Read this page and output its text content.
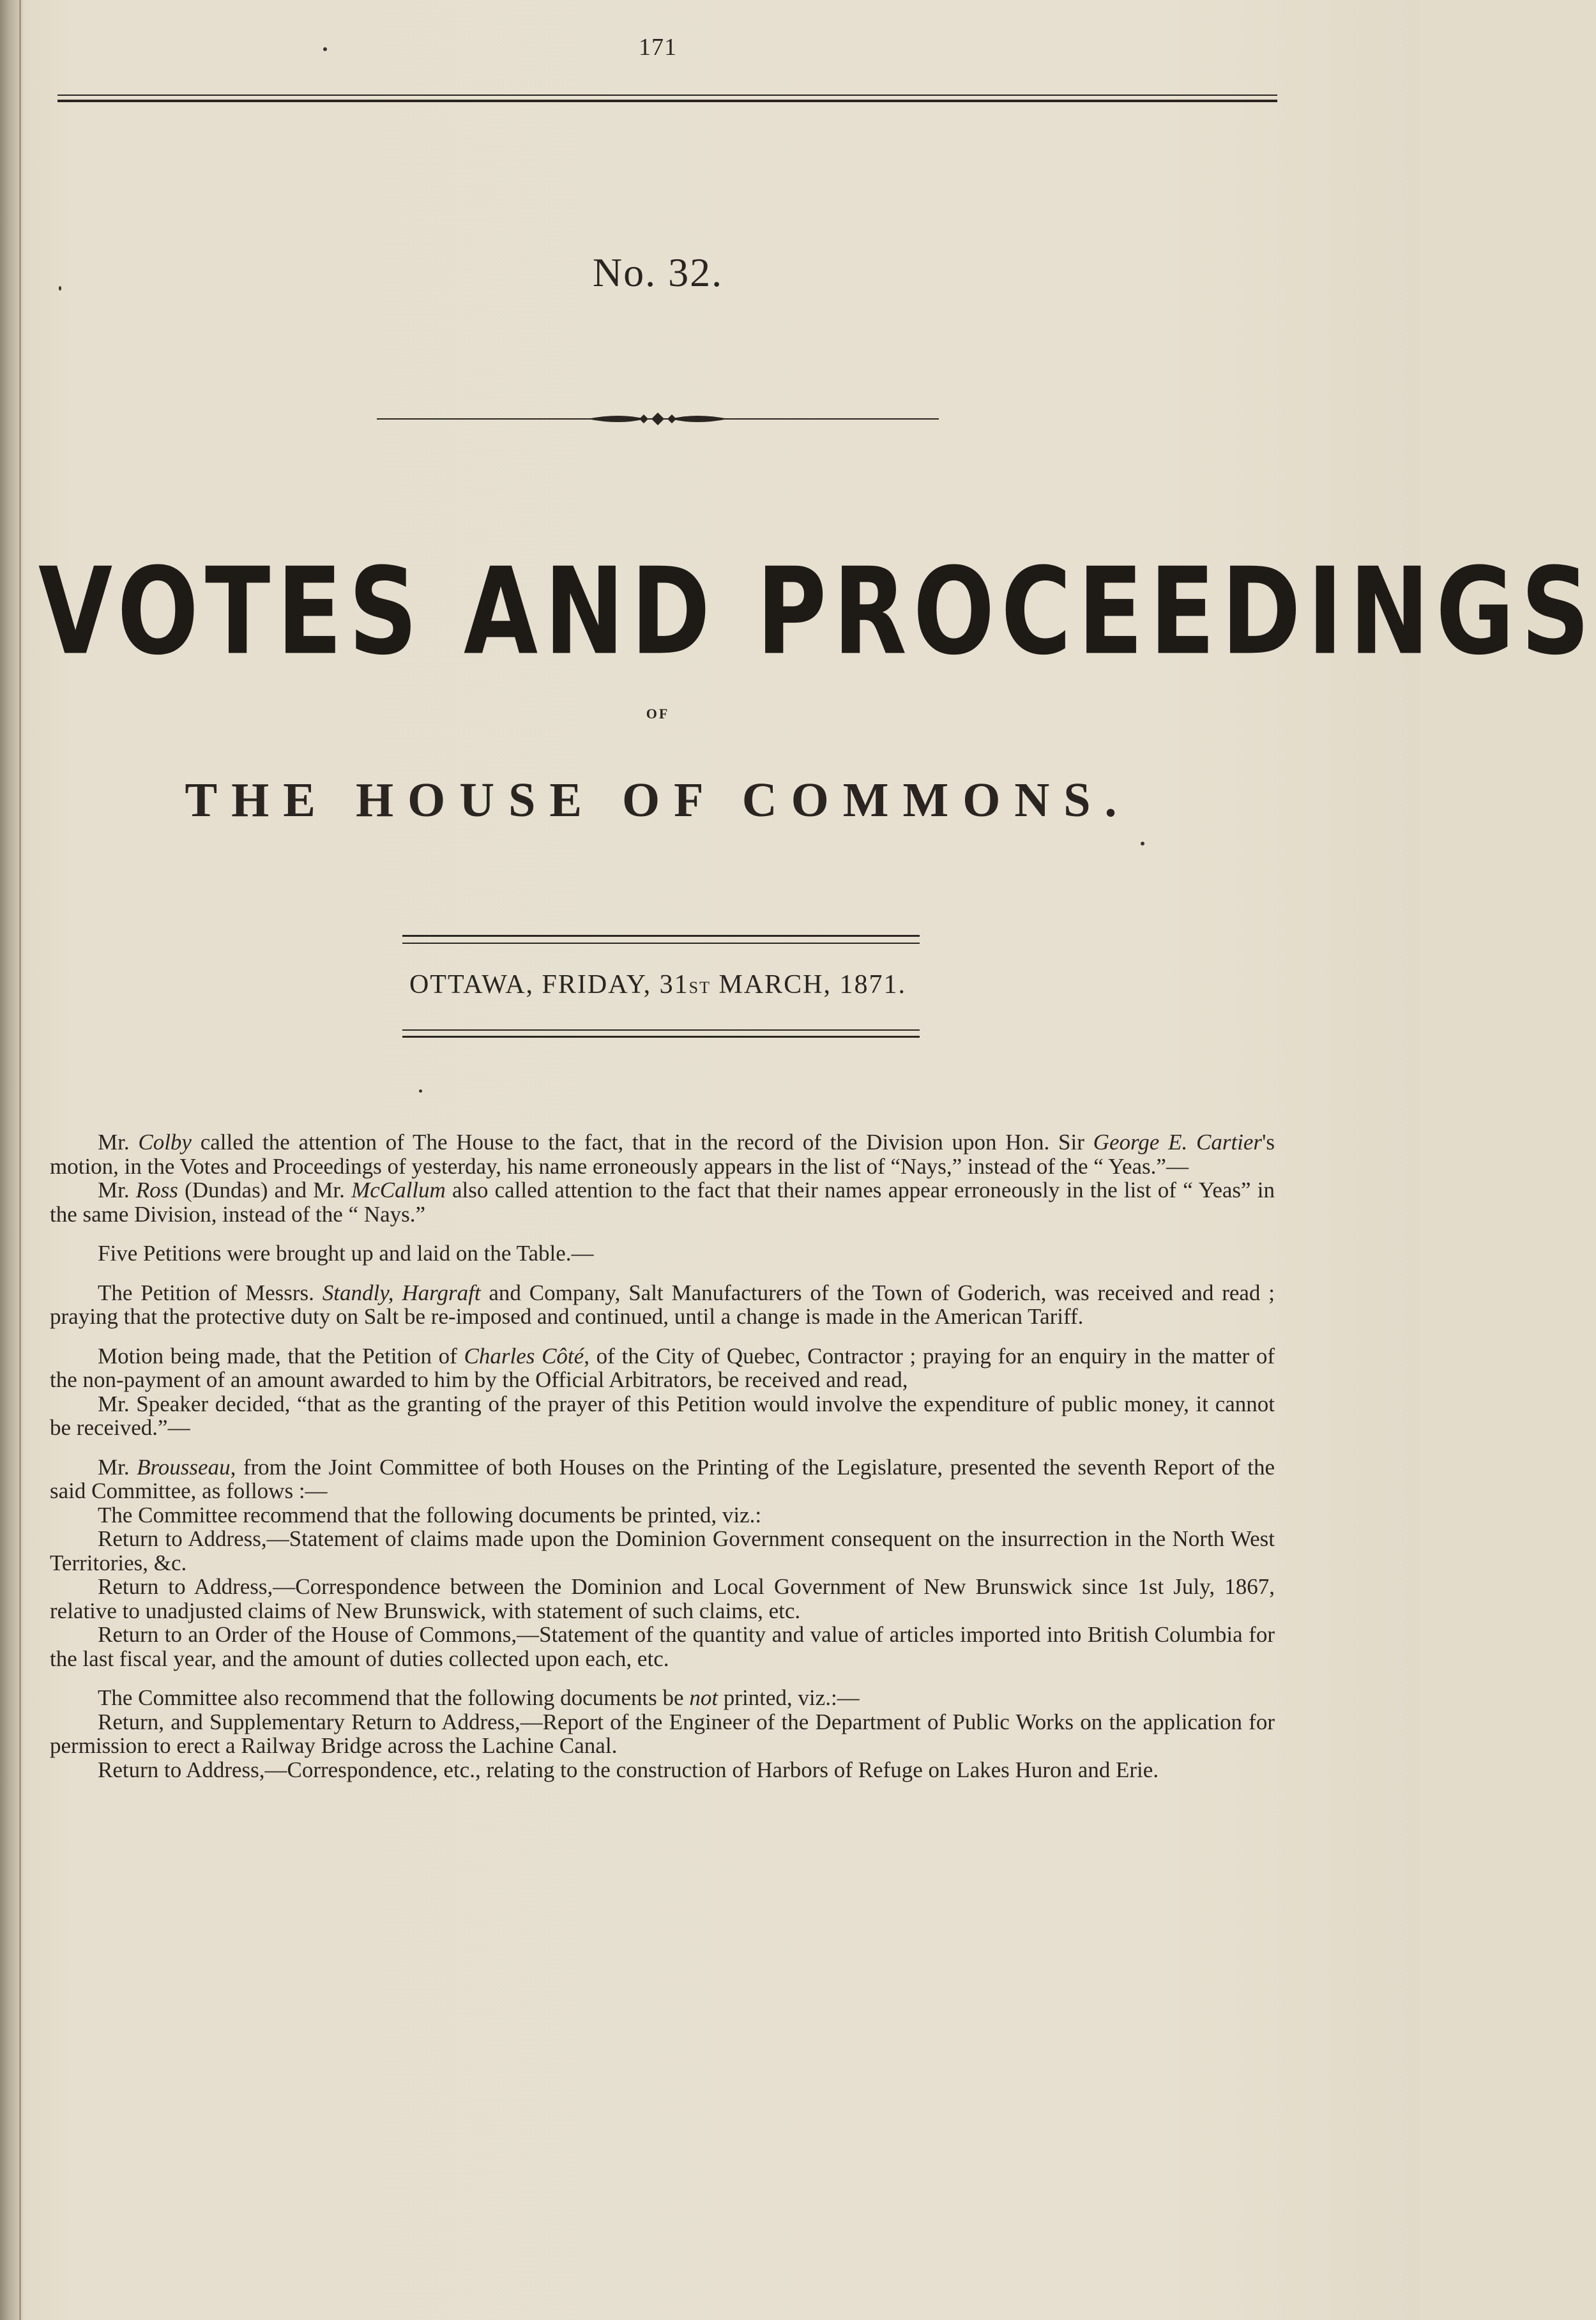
171
No. 32.
VOTES AND PROCEEDINGS
OF
THE HOUSE OF COMMONS.
OTTAWA, FRIDAY, 31ST MARCH, 1871.

Mr. Colby called the attention of The House to the fact, that in the record of the Division upon Hon. Sir George E. Cartier's motion, in the Votes and Proceedings of yesterday, his name erroneously appears in the list of “Nays,” instead of the “ Yeas.”—

Mr. Ross (Dundas) and Mr. McCallum also called attention to the fact that their names appear erroneously in the list of “ Yeas” in the same Division, instead of the “ Nays.”

Five Petitions were brought up and laid on the Table.—

The Petition of Messrs. Standly, Hargraft and Company, Salt Manufacturers of the Town of Goderich, was received and read ; praying that the protective duty on Salt be re-imposed and continued, until a change is made in the American Tariff.

Motion being made, that the Petition of Charles Côté, of the City of Quebec, Contractor ; praying for an enquiry in the matter of the non-payment of an amount awarded to him by the Official Arbitrators, be received and read,

Mr. Speaker decided, “that as the granting of the prayer of this Petition would involve the expenditure of public money, it cannot be received.”—

Mr. Brousseau, from the Joint Committee of both Houses on the Printing of the Legislature, presented the seventh Report of the said Committee, as follows :—

The Committee recommend that the following documents be printed, viz.:

Return to Address,—Statement of claims made upon the Dominion Government consequent on the insurrection in the North West Territories, &c.

Return to Address,—Correspondence between the Dominion and Local Government of New Brunswick since 1st July, 1867, relative to unadjusted claims of New Brunswick, with statement of such claims, etc.

Return to an Order of the House of Commons,—Statement of the quantity and value of articles imported into British Columbia for the last fiscal year, and the amount of duties collected upon each, etc.

The Committee also recommend that the following documents be not printed, viz.:—

Return, and Supplementary Return to Address,—Report of the Engineer of the Department of Public Works on the application for permission to erect a Railway Bridge across the Lachine Canal.

Return to Address,—Correspondence, etc., relating to the construction of Harbors of Refuge on Lakes Huron and Erie.
